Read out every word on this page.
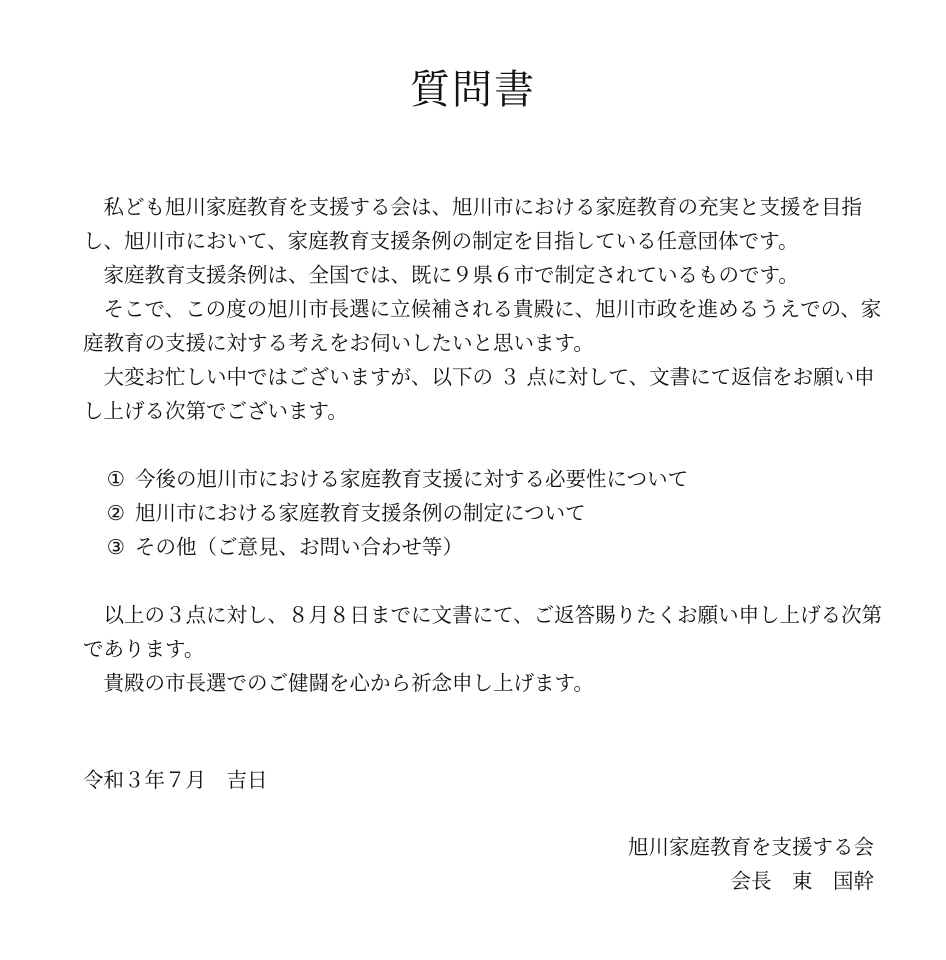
質問書

私ども旭川家庭教育を支援する会は、旭川市における家庭教育の充実と支援を目指し、旭川市において、家庭教育支援条例の制定を目指している任意団体です。

家庭教育支援条例は、全国では、既に９県６市で制定されているものです。

そこで、この度の旭川市長選に立候補される貴殿に、旭川市政を進めるうえでの、家庭教育の支援に対する考えをお伺いしたいと思います。

大変お忙しい中ではございますが、以下の ３ 点に対して、文書にて返信をお願い申し上げる次第でございます。

① 今後の旭川市における家庭教育支援に対する必要性について
② 旭川市における家庭教育支援条例の制定について
③ その他（ご意見、お問い合わせ等）

以上の３点に対し、８月８日までに文書にて、ご返答賜りたくお願い申し上げる次第であります。

貴殿の市長選でのご健闘を心から祈念申し上げます。

令和３年７月　吉日
旭川家庭教育を支援する会
会長　東　国幹
